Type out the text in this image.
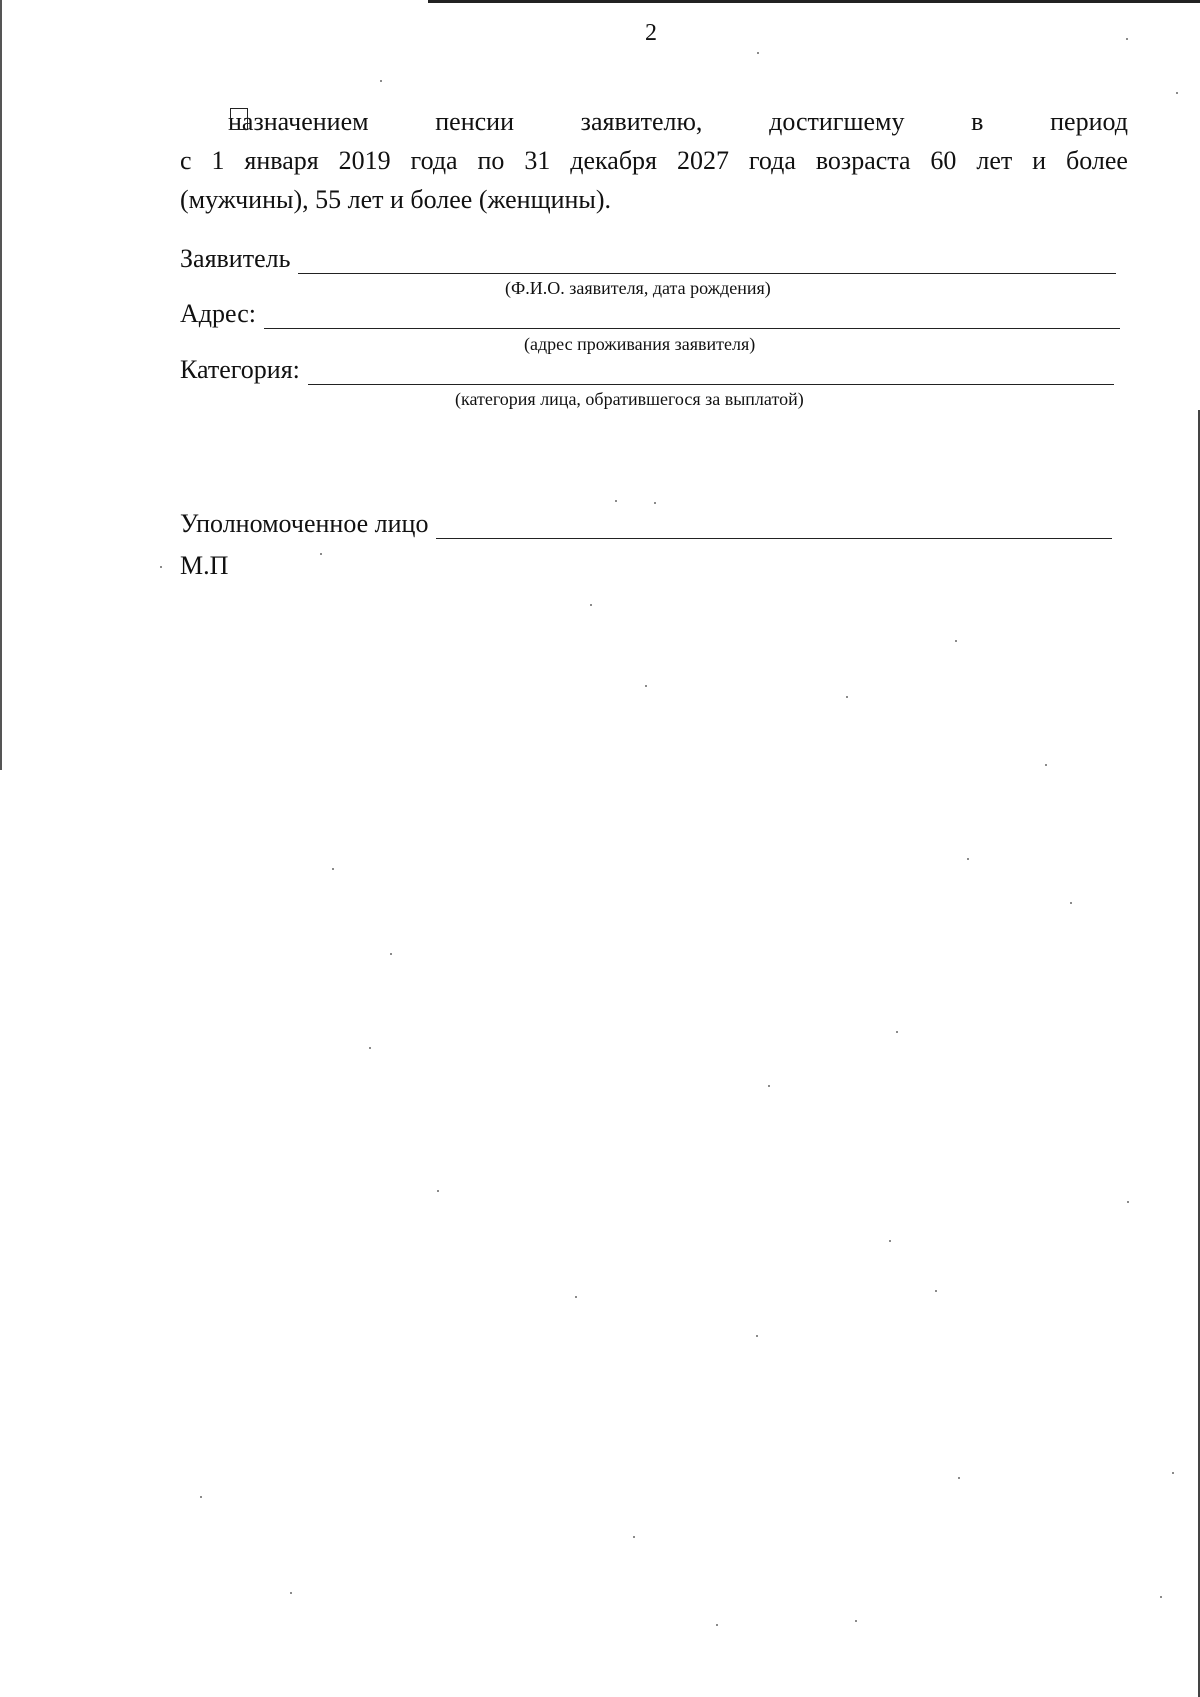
2
назначением	пенсии	заявителю,	достигшему	в	период
с 1 января 2019 года по 31 декабря 2027 года возраста 60 лет и более
(мужчины), 55 лет и более (женщины).
Заявитель
(Ф.И.О. заявителя, дата рождения)
Адрес:
(адрес проживания заявителя)
Категория:
(категория лица, обратившегося за выплатой)
Уполномоченное лицо
М.П
